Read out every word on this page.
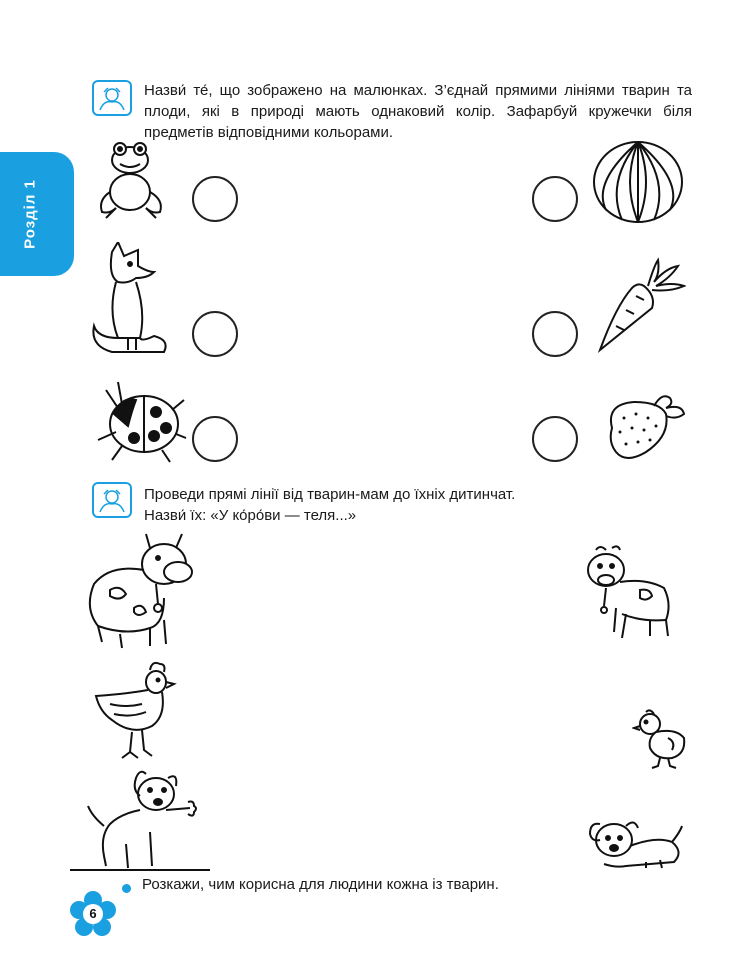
Розділ 1
Назви́ те́, що зображено на малюнках. З’єднай прямими лініями тварин та плоди, які в природі мають однаковий колір. Зафарбуй кружечки біля предметів відповідними кольорами.
Проведи прямі лінії від тварин-мам до їхніх дитинчат.
Назви́ їх: «У ко́ро́ви — теля...»
Розкажи, чим корисна для людини кожна із тварин.
6
